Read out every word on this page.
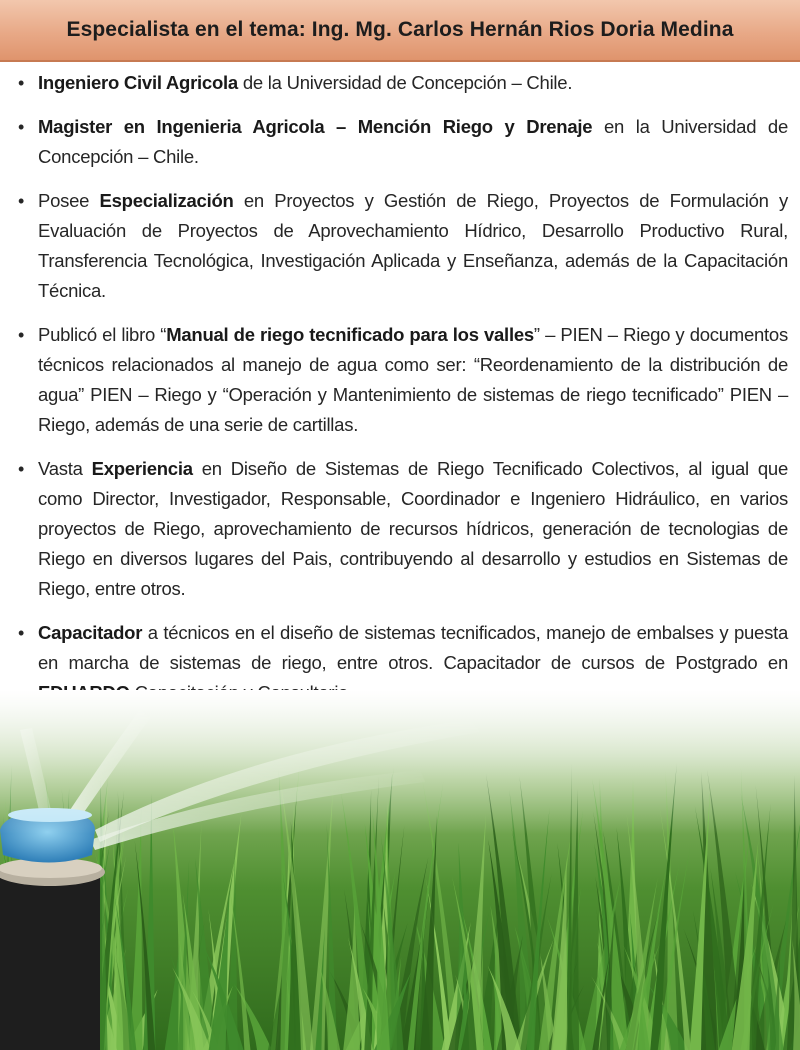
Especialista en el tema: Ing. Mg. Carlos Hernán Rios Doria Medina
• Ingeniero Civil Agricola de la Universidad de Concepción – Chile.
• Magister en Ingenieria Agricola – Mención Riego y Drenaje en la Universidad de Concepción – Chile.
• Posee Especialización en Proyectos y Gestión de Riego, Proyectos de Formulación y Evaluación de Proyectos de Aprovechamiento Hídrico, Desarrollo Productivo Rural, Transferencia Tecnológica, Investigación Aplicada y Enseñanza, además de la Capacitación Técnica.
• Publicó el libro “Manual de riego tecnificado para los valles” – PIEN – Riego y documentos técnicos relacionados al manejo de agua como ser: “Reordenamiento de la distribución de agua” PIEN – Riego y “Operación y Mantenimiento de sistemas de riego tecnificado” PIEN – Riego, además de una serie de cartillas.
• Vasta Experiencia en Diseño de Sistemas de Riego Tecnificado Colectivos, al igual que como Director, Investigador, Responsable, Coordinador e Ingeniero Hidráulico, en varios proyectos de Riego, aprovechamiento de recursos hídricos, generación de tecnologias de Riego en diversos lugares del Pais, contribuyendo al desarrollo y estudios en Sistemas de Riego, entre otros.
• Capacitador a técnicos en el diseño de sistemas tecnificados, manejo de embalses y puesta en marcha de sistemas de riego, entre otros. Capacitador de cursos de Postgrado en
